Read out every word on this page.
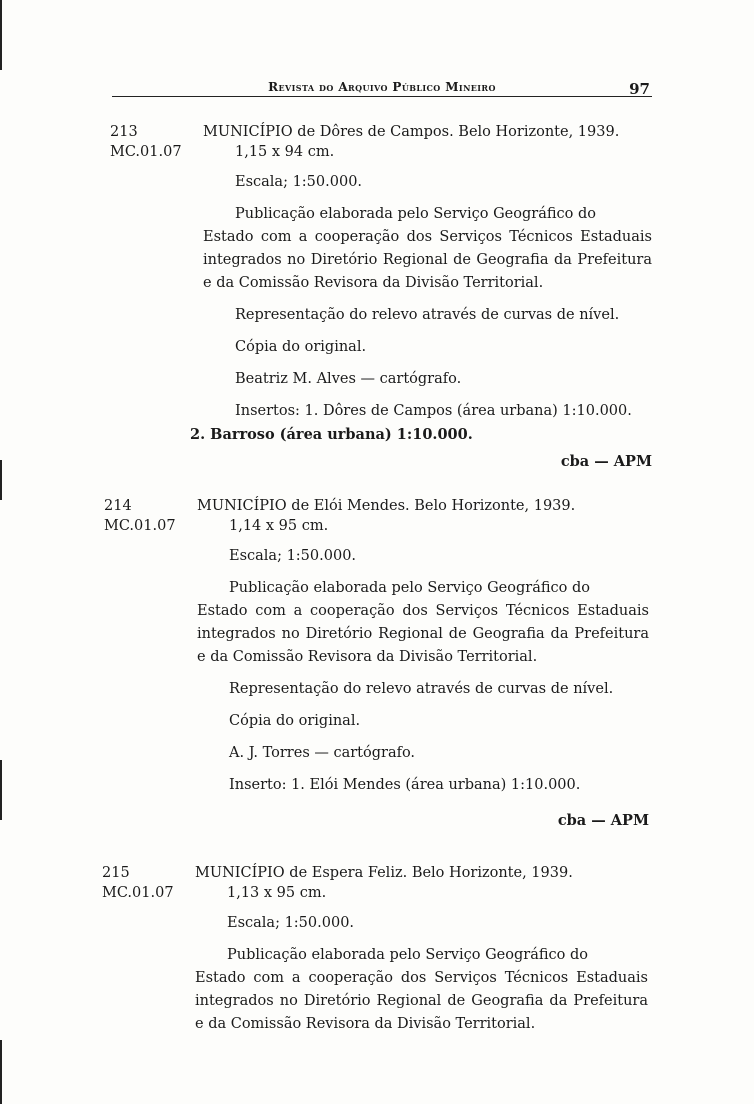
Revista do Arquivo Público Mineiro	97
213
MC.01.07
MUNICÍPIO de Dôres de Campos. Belo Horizonte, 1939.
1,15 x 94 cm.
Escala; 1:50.000.
Publicação elaborada pelo Serviço Geográfico do
Estado com a cooperação dos Serviços Técnicos Estaduais integrados no Diretório Regional de Geografia da Prefeitura e da Comissão Revisora da Divisão Territorial.
Representação do relevo através de curvas de nível.
Cópia do original.
Beatriz M. Alves — cartógrafo.
Insertos: 1. Dôres de Campos (área urbana) 1:10.000.
2. Barroso (área urbana) 1:10.000.
cba — APM
214
MC.01.07
MUNICÍPIO de Elói Mendes. Belo Horizonte, 1939.
1,14 x 95 cm.
Escala; 1:50.000.
Publicação elaborada pelo Serviço Geográfico do
Estado com a cooperação dos Serviços Técnicos Estaduais integrados no Diretório Regional de Geografia da Prefeitura e da Comissão Revisora da Divisão Territorial.
Representação do relevo através de curvas de nível.
Cópia do original.
A. J. Torres — cartógrafo.
Inserto: 1. Elói Mendes (área urbana) 1:10.000.
cba — APM
215
MC.01.07
MUNICÍPIO de Espera Feliz. Belo Horizonte, 1939.
1,13 x 95 cm.
Escala; 1:50.000.
Publicação elaborada pelo Serviço Geográfico do
Estado com a cooperação dos Serviços Técnicos Estaduais integrados no Diretório Regional de Geografia da Prefeitura e da Comissão Revisora da Divisão Territorial.
